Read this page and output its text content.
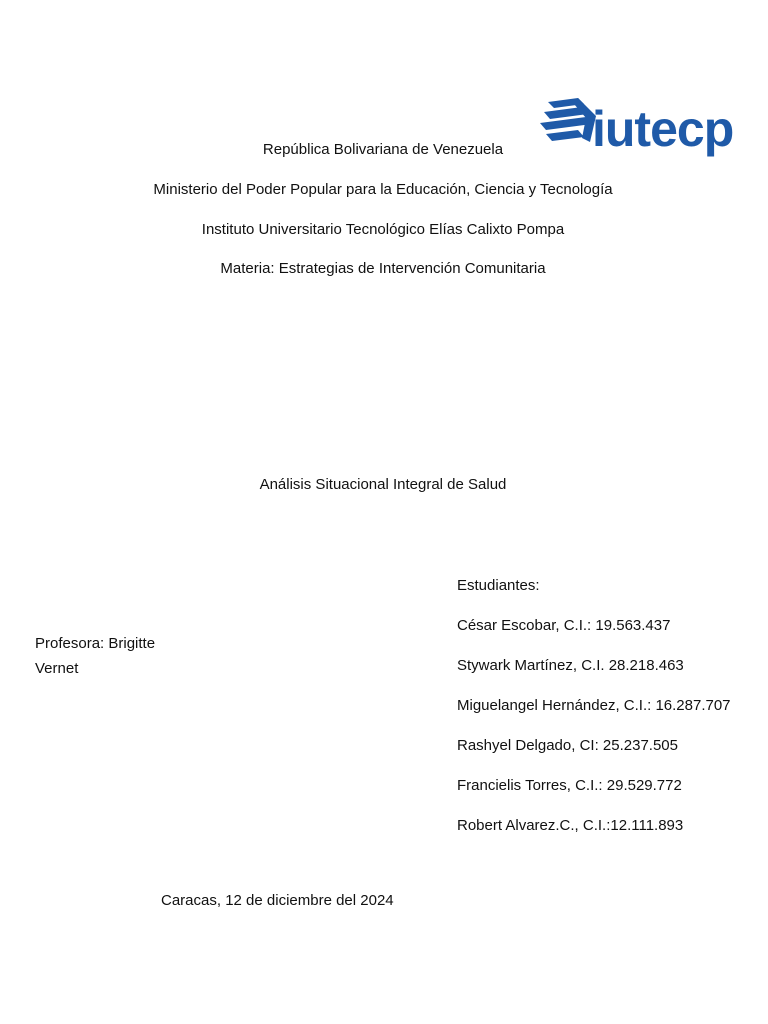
iutecp
República Bolivariana de Venezuela
Ministerio del Poder Popular para la Educación, Ciencia y Tecnología
Instituto Universitario Tecnológico Elías Calixto Pompa
Materia: Estrategias de Intervención Comunitaria
Análisis Situacional Integral de Salud
Profesora: Brigitte Vernet
Estudiantes:
César Escobar, C.I.: 19.563.437
Stywark Martínez, C.I. 28.218.463
Miguelangel Hernández, C.I.: 16.287.707
Rashyel Delgado, CI: 25.237.505
Francielis Torres, C.I.: 29.529.772
Robert Alvarez.C., C.I.:12.111.893
Caracas, 12 de diciembre del 2024
